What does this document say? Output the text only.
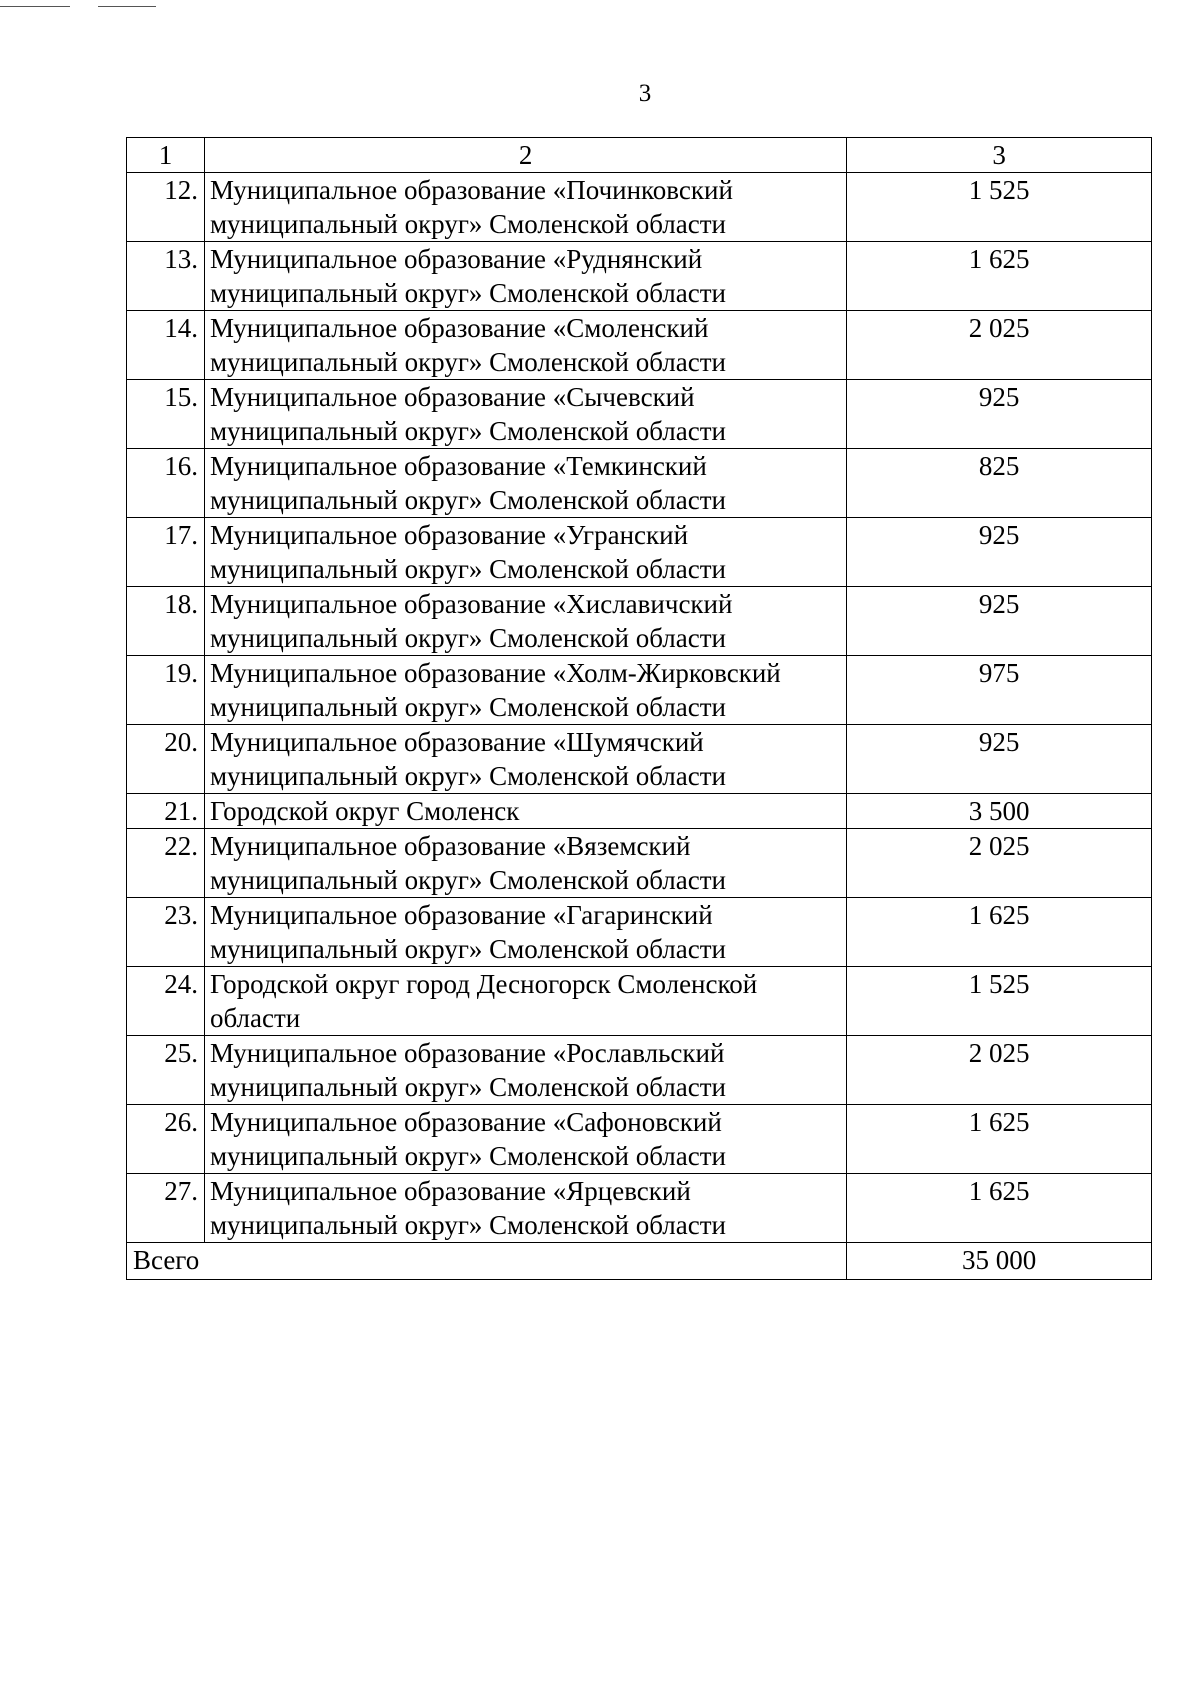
3
1	2	3
12.	Муниципальное образование «Починковский муниципальный округ» Смоленской области	1 525
13.	Муниципальное образование «Руднянский муниципальный округ» Смоленской области	1 625
14.	Муниципальное образование «Смоленский муниципальный округ» Смоленской области	2 025
15.	Муниципальное образование «Сычевский муниципальный округ» Смоленской области	925
16.	Муниципальное образование «Темкинский муниципальный округ» Смоленской области	825
17.	Муниципальное образование «Угранский муниципальный округ» Смоленской области	925
18.	Муниципальное образование «Хиславичский муниципальный округ» Смоленской области	925
19.	Муниципальное образование «Холм-Жирковский муниципальный округ» Смоленской области	975
20.	Муниципальное образование «Шумячский муниципальный округ» Смоленской области	925
21.	Городской округ Смоленск	3 500
22.	Муниципальное образование «Вяземский муниципальный округ» Смоленской области	2 025
23.	Муниципальное образование «Гагаринский муниципальный округ» Смоленской области	1 625
24.	Городской округ город Десногорск Смоленской области	1 525
25.	Муниципальное образование «Рославльский муниципальный округ» Смоленской области	2 025
26.	Муниципальное образование «Сафоновский муниципальный округ» Смоленской области	1 625
27.	Муниципальное образование «Ярцевский муниципальный округ» Смоленской области	1 625
Всего		35 000
